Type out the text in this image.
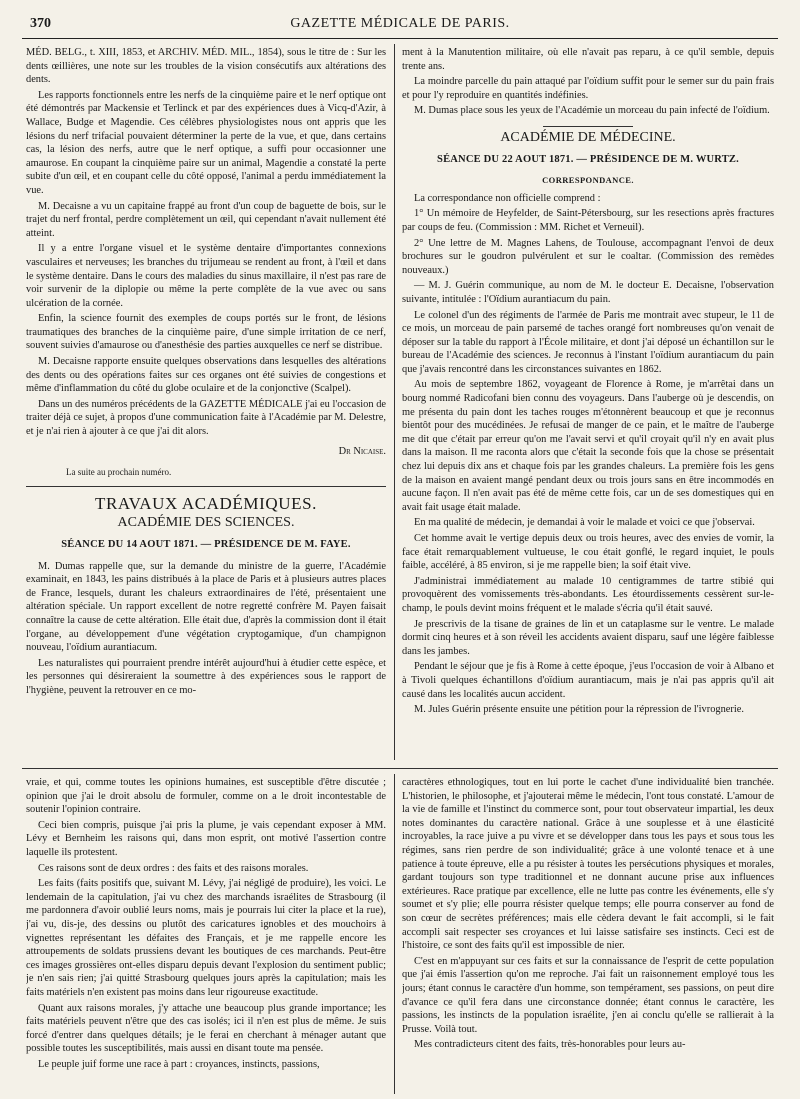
370	GAZETTE MÉDICALE DE PARIS.

MÉD. BELG., t. XIII, 1853, et ARCHIV. MÉD. MIL., 1854), sous le titre de : Sur les dents œillières, une note sur les troubles de la vision consécutifs aux altérations des dents.

Les rapports fonctionnels entre les nerfs de la cinquième paire et le nerf optique ont été démontrés par Mackensie et Terlinck et par des expériences dues à Vicq-d'Azir, à Wallace, Budge et Magendie. Ces célèbres physiologistes nous ont appris que les lésions du nerf trifacial pouvaient déterminer la perte de la vue, et que, dans certains cas, la lésion des nerfs, autre que le nerf optique, a suffi pour occasionner une amaurose. En coupant la cinquième paire sur un animal, Magendie a constaté la perte subite d'un œil, et en coupant celle du côté opposé, l'animal a perdu immédiatement la vue.

M. Decaisne a vu un capitaine frappé au front d'un coup de baguette de bois, sur le trajet du nerf frontal, perdre complètement un œil, qui cependant n'avait nullement été atteint.

Il y a entre l'organe visuel et le système dentaire d'importantes connexions vasculaires et nerveuses; les branches du trijumeau se rendent au front, à l'œil et dans le système dentaire. Dans le cours des maladies du sinus maxillaire, il n'est pas rare de voir survenir de la diplopie ou même la perte complète de la vue avec ou sans ulcération de la cornée.

Enfin, la science fournit des exemples de coups portés sur le front, de lésions traumatiques des branches de la cinquième paire, d'une simple irritation de ce nerf, souvent suivies d'amaurose ou d'anesthésie des parties auxquelles ce nerf se distribue.

M. Decaisne rapporte ensuite quelques observations dans lesquelles des altérations des dents ou des opérations faites sur ces organes ont été suivies de congestions et même d'inflammation du côté du globe oculaire et de la conjonctive (Scalpel).

Dans un des numéros précédents de la GAZETTE MÉDICALE j'ai eu l'occasion de traiter déjà ce sujet, à propos d'une communication faite à l'Académie par M. Delestre, et je n'ai rien à ajouter à ce que j'ai dit alors.

Dr Nicaise.
La suite au prochain numéro.
TRAVAUX ACADÉMIQUES.
ACADÉMIE DES SCIENCES.
SÉANCE DU 14 AOUT 1871. — PRÉSIDENCE DE M. FAYE.

M. Dumas rappelle que, sur la demande du ministre de la guerre, l'Académie examinait, en 1843, les pains distribués à la place de Paris et à plusieurs autres places de France, lesquels, durant les chaleurs extraordinaires de l'été, présentaient une altération spéciale. Un rapport excellent de notre regretté confrère M. Payen faisait connaître la cause de cette altération. Elle était due, d'après la commission dont il était l'organe, au développement d'une végétation cryptogamique, d'un champignon nouveau, l'oïdium aurantiacum.

Les naturalistes qui pourraient prendre intérêt aujourd'hui à étudier cette espèce, et les personnes qui désireraient la soumettre à des expériences sous le rapport de l'hygiène, peuvent la retrouver en ce mo-

ment à la Manutention militaire, où elle n'avait pas reparu, à ce qu'il semble, depuis trente ans.

La moindre parcelle du pain attaqué par l'oïdium suffit pour le semer sur du pain frais et pour l'y reproduire en quantités indéfinies.

M. Dumas place sous les yeux de l'Académie un morceau du pain infecté de l'oïdium.

ACADÉMIE DE MÉDECINE.
SÉANCE DU 22 AOUT 1871. — PRÉSIDENCE DE M. WURTZ.
CORRESPONDANCE.

La correspondance non officielle comprend :

1° Un mémoire de Heyfelder, de Saint-Pétersbourg, sur les resections après fractures par coups de feu. (Commission : MM. Richet et Verneuil).

2° Une lettre de M. Magnes Lahens, de Toulouse, accompagnant l'envoi de deux brochures sur le goudron pulvérulent et sur le coaltar. (Commission des remèdes nouveaux.)

— M. J. Guérin communique, au nom de M. le docteur E. Decaisne, l'observation suivante, intitulée : l'Oïdium aurantiacum du pain.

Le colonel d'un des régiments de l'armée de Paris me montrait avec stupeur, le 11 de ce mois, un morceau de pain parsemé de taches orangé fort nombreuses qu'on venait de déposer sur la table du rapport à l'École militaire, et dont j'ai déposé un échantillon sur le bureau de l'Académie des sciences. Je reconnus à l'instant l'oïdium aurantiacum du pain que j'avais rencontré dans les circonstances suivantes en 1862.

Au mois de septembre 1862, voyageant de Florence à Rome, je m'arrêtai dans un bourg nommé Radicofani bien connu des voyageurs. Dans l'auberge où je descendis, on me présenta du pain dont les taches rouges m'étonnèrent beaucoup et que je reconnus bientôt pour des mucédinées. Je refusai de manger de ce pain, et le maître de l'auberge me dit que c'était par erreur qu'on me l'avait servi et qu'il croyait qu'il n'y en avait plus dans la maison. Il me raconta alors que c'était la seconde fois que la chose se présentait chez lui depuis dix ans et chaque fois par les grandes chaleurs. La première fois les gens de la maison en avaient mangé pendant deux ou trois jours sans en être incommodés en aucune façon. Il n'en avait pas été de même cette fois, car un de ses domestiques qui en avait fait usage était malade.

En ma qualité de médecin, je demandai à voir le malade et voici ce que j'observai.

Cet homme avait le vertige depuis deux ou trois heures, avec des envies de vomir, la face était remarquablement vultueuse, le cou était gonflé, le regard inquiet, le pouls faible, accéléré, à 85 environ, si je me rappelle bien; la soif était vive.

J'administrai immédiatement au malade 10 centigrammes de tartre stibié qui provoquèrent des vomissements très-abondants. Les étourdissements cessèrent sur-le-champ, le pouls devint moins fréquent et le malade s'écria qu'il était sauvé.

Je prescrivis de la tisane de graines de lin et un cataplasme sur le ventre. Le malade dormit cinq heures et à son réveil les accidents avaient disparu, sauf une légère faiblesse dans les jambes.

Pendant le séjour que je fis à Rome à cette époque, j'eus l'occasion de voir à Albano et à Tivoli quelques échantillons d'oïdium aurantiacum, mais je n'ai pas appris qu'il ait causé dans les localités aucun accident.

M. Jules Guérin présente ensuite une pétition pour la répression de l'ivrognerie.

vraie, et qui, comme toutes les opinions humaines, est susceptible d'être discutée ; opinion que j'ai le droit absolu de formuler, comme on a le droit incontestable de soutenir l'opinion contraire.

Ceci bien compris, puisque j'ai pris la plume, je vais cependant exposer à MM. Lévy et Bernheim les raisons qui, dans mon esprit, ont motivé l'assertion contre laquelle ils protestent.

Ces raisons sont de deux ordres : des faits et des raisons morales.

Les faits (faits positifs que, suivant M. Lévy, j'ai négligé de produire), les voici. Le lendemain de la capitulation, j'ai vu chez des marchands israélites de Strasbourg (il me pardonnera d'avoir oublié leurs noms, mais je pourrais lui citer la place et la rue), j'ai vu, dis-je, des dessins ou plutôt des caricatures ignobles et des mouchoirs à vignettes représentant les défaites des Français, et je me rappelle encore les attroupements de soldats prussiens devant les boutiques de ces marchands. Peut-être ces images grossières ont-elles disparu depuis devant l'explosion du sentiment public; je n'en sais rien; j'ai quitté Strasbourg quelques jours après la capitulation; mais les faits matériels n'en existent pas moins dans leur rigoureuse exactitude.

Quant aux raisons morales, j'y attache une beaucoup plus grande importance; les faits matériels peuvent n'être que des cas isolés; ici il n'en est plus de même. Je suis forcé d'entrer dans quelques détails; je le ferai en cherchant à ménager autant que possible toutes les susceptibilités, mais aussi en disant toute ma pensée.

Le peuple juif forme une race à part : croyances, instincts, passions,

caractères ethnologiques, tout en lui porte le cachet d'une individualité bien tranchée. L'historien, le philosophe, et j'ajouterai même le médecin, l'ont tous constaté. L'amour de la vie de famille et l'instinct du commerce sont, pour tout observateur impartial, les deux notes dominantes du caractère national. Grâce à une souplesse et à une élasticité incroyables, la race juive a pu vivre et se développer dans tous les pays et sous tous les régimes, sans rien perdre de son individualité; grâce à une volonté tenace et à une patience à toute épreuve, elle a pu résister à toutes les persécutions physiques et morales, gardant toujours son type traditionnel et ne donnant aucune prise aux influences extérieures. Race pratique par excellence, elle ne lutte pas contre les événements, elle s'y soumet et s'y plie; elle pourra résister quelque temps; elle pourra conserver au fond de son cœur de secrètes préférences; mais elle cèdera devant le fait accompli, si le fait accompli sait respecter ses croyances et lui laisse satisfaire ses instincts. Ceci est de l'histoire, ce sont des faits qu'il est impossible de nier.

C'est en m'appuyant sur ces faits et sur la connaissance de l'esprit de cette population que j'ai émis l'assertion qu'on me reproche. J'ai fait un raisonnement employé tous les jours; étant connus le caractère d'un homme, son tempérament, ses passions, on peut dire d'avance ce qu'il fera dans une circonstance donnée; étant connus le caractère, les passions, les instincts de la population israélite, j'en ai conclu qu'elle se rallierait à la Prusse. Voilà tout.

Mes contradicteurs citent des faits, très-honorables pour leurs au-
